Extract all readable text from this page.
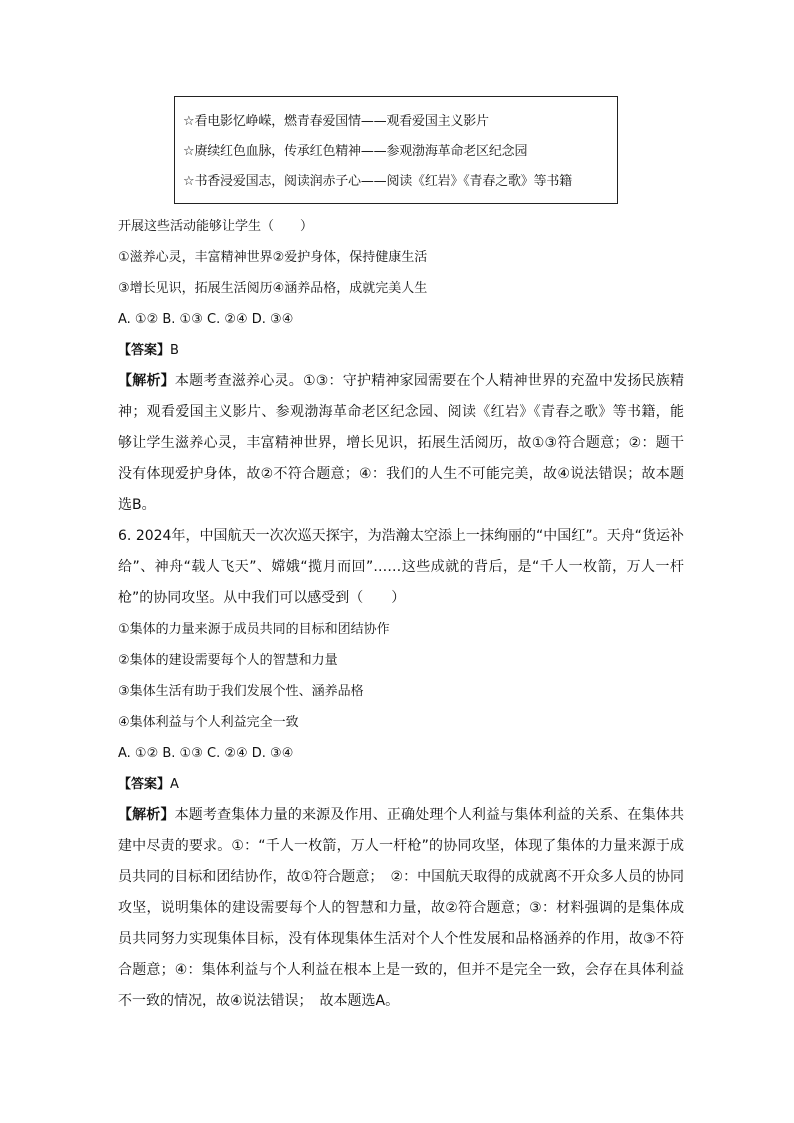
☆看电影忆峥嵘，燃青春爱国情——观看爱国主义影片
☆赓续红色血脉，传承红色精神——参观渤海革命老区纪念园
☆书香浸爱国志，阅读润赤子心——阅读《红岩》《青春之歌》等书籍
开展这些活动能够让学生（　　）
①滋养心灵，丰富精神世界②爱护身体，保持健康生活
③增长见识，拓展生活阅历④涵养品格，成就完美人生
A. ①② B. ①③ C. ②④ D. ③④
【答案】B
【解析】本题考查滋养心灵。①③：守护精神家园需要在个人精神世界的充盈中发扬民族精神；观看爱国主义影片、参观渤海革命老区纪念园、阅读《红岩》《青春之歌》等书籍，能够让学生滋养心灵，丰富精神世界，增长见识，拓展生活阅历，故①③符合题意；②：题干没有体现爱护身体，故②不符合题意；④：我们的人生不可能完美，故④说法错误；故本题选B。
6. 2024年，中国航天一次次巡天探宇，为浩瀚太空添上一抹绚丽的“中国红”。天舟“货运补给”、神舟“载人飞天”、嫦娥“揽月而回”……这些成就的背后，是“千人一枚箭，万人一杆枪”的协同攻坚。从中我们可以感受到（　　）
①集体的力量来源于成员共同的目标和团结协作
②集体的建设需要每个人的智慧和力量
③集体生活有助于我们发展个性、涵养品格
④集体利益与个人利益完全一致
A. ①② B. ①③ C. ②④ D. ③④
【答案】A
【解析】本题考查集体力量的来源及作用、正确处理个人利益与集体利益的关系、在集体共建中尽责的要求。①：“千人一枚箭，万人一杆枪”的协同攻坚，体现了集体的力量来源于成员共同的目标和团结协作，故①符合题意；　②：中国航天取得的成就离不开众多人员的协同攻坚，说明集体的建设需要每个人的智慧和力量，故②符合题意；③：材料强调的是集体成员共同努力实现集体目标，没有体现集体生活对个人个性发展和品格涵养的作用，故③不符合题意；④：集体利益与个人利益在根本上是一致的，但并不是完全一致，会存在具体利益不一致的情况，故④说法错误；　故本题选A。
